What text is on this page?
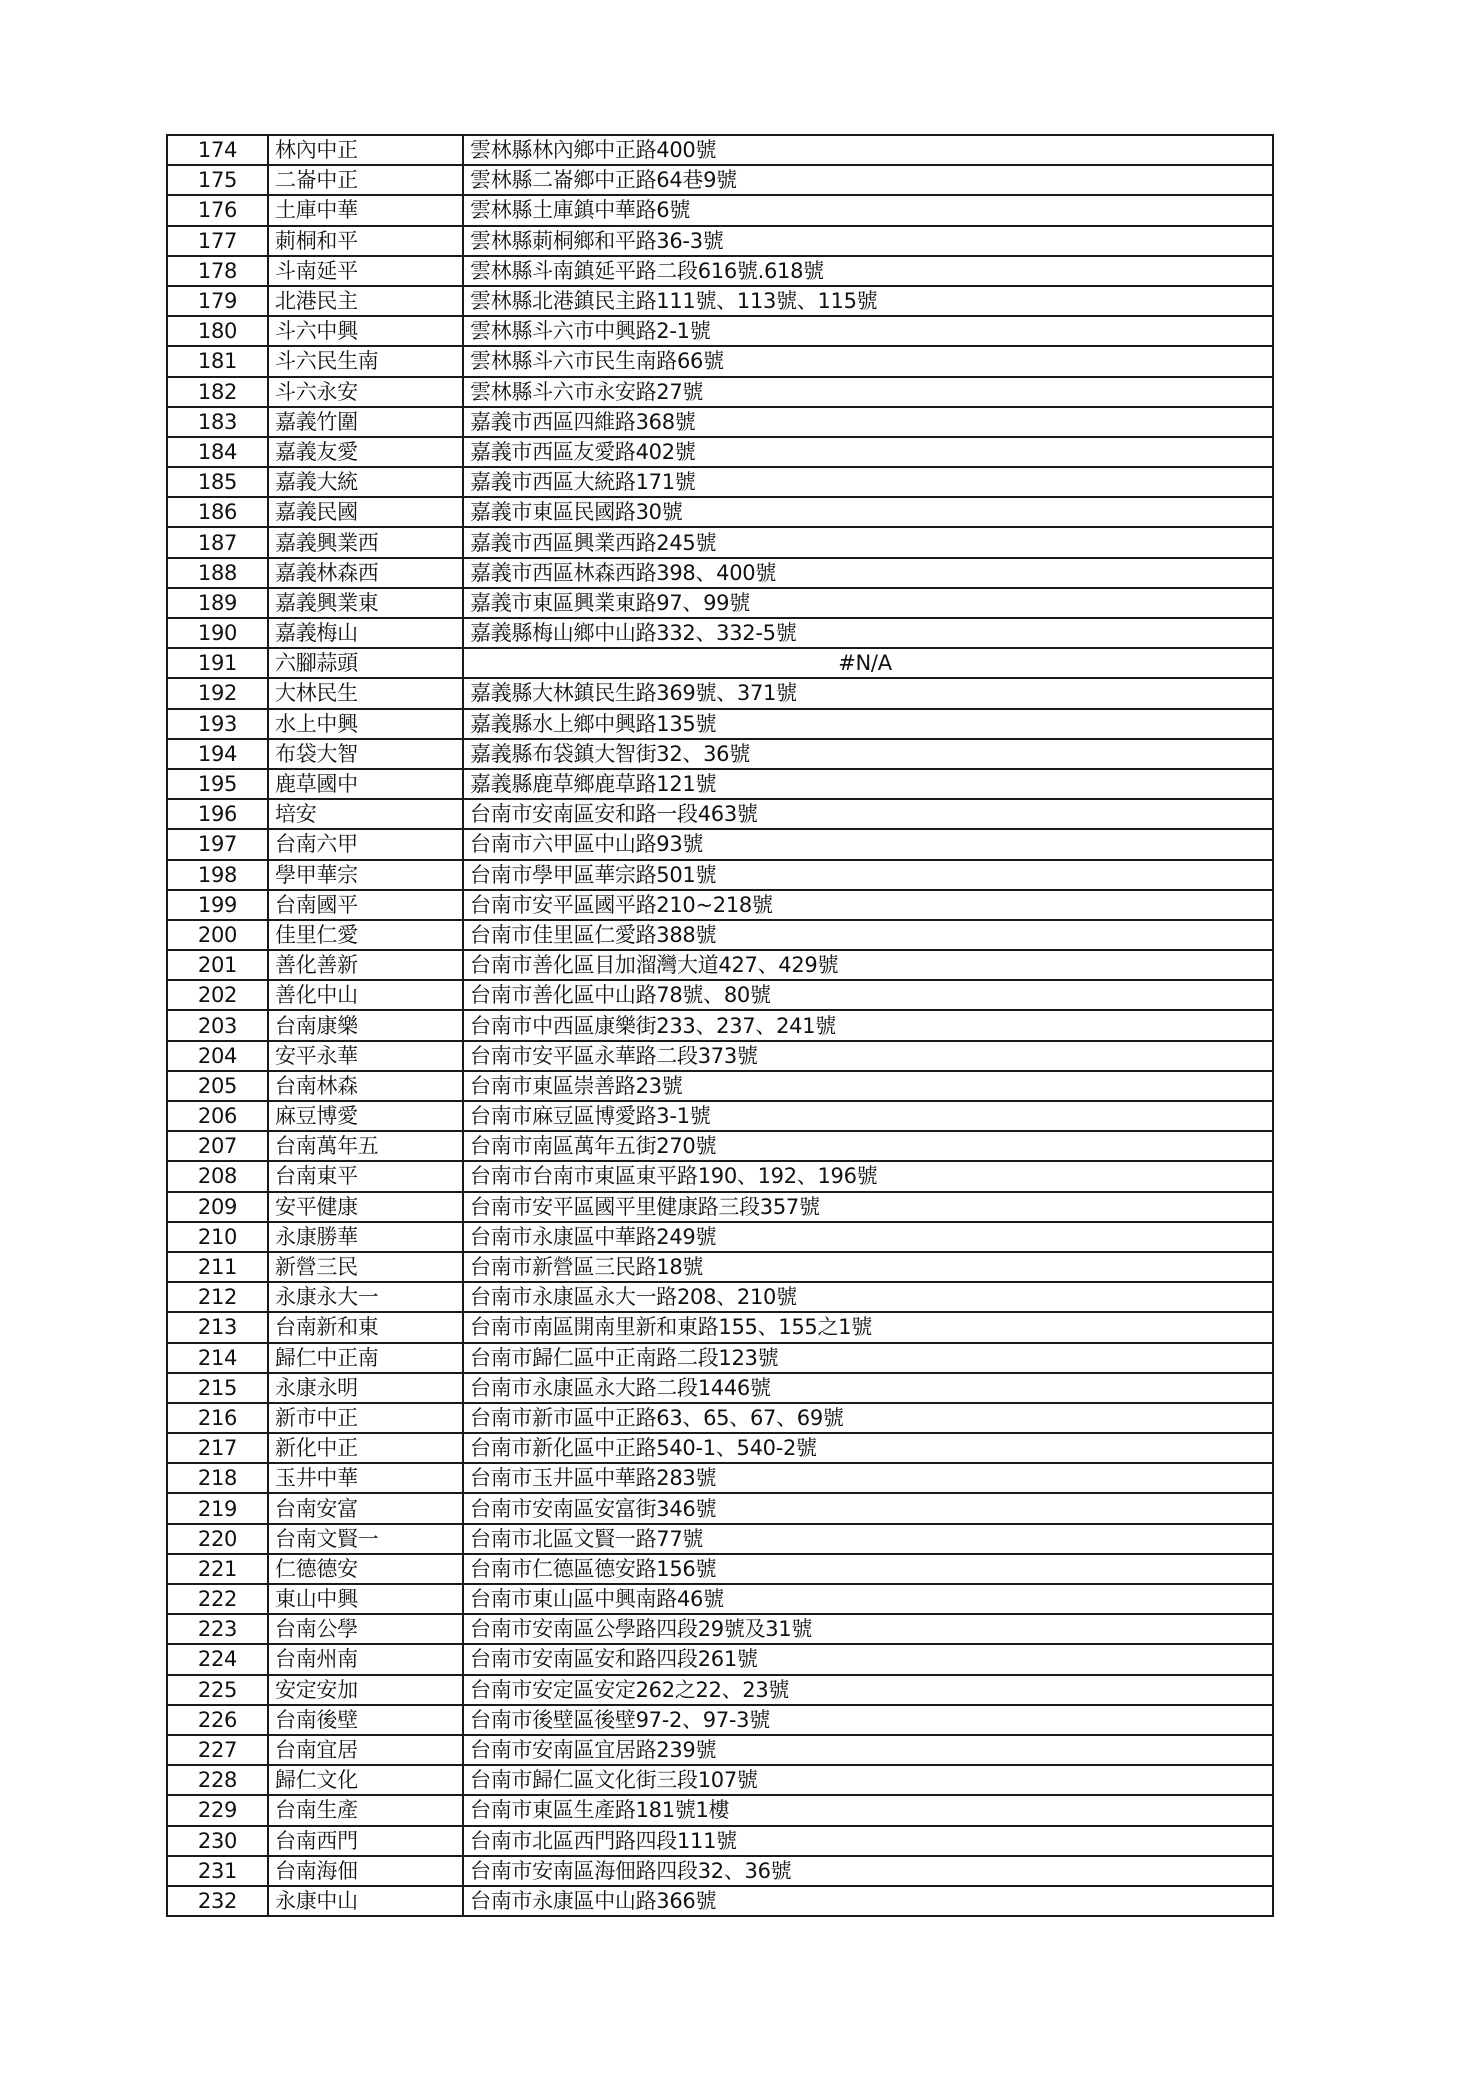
174	林內中正	雲林縣林內鄉中正路400號
175	二崙中正	雲林縣二崙鄉中正路64巷9號
176	土庫中華	雲林縣土庫鎮中華路6號
177	莿桐和平	雲林縣莿桐鄉和平路36-3號
178	斗南延平	雲林縣斗南鎮延平路二段616號.618號
179	北港民主	雲林縣北港鎮民主路111號、113號、115號
180	斗六中興	雲林縣斗六市中興路2-1號
181	斗六民生南	雲林縣斗六市民生南路66號
182	斗六永安	雲林縣斗六市永安路27號
183	嘉義竹圍	嘉義市西區四維路368號
184	嘉義友愛	嘉義市西區友愛路402號
185	嘉義大統	嘉義市西區大統路171號
186	嘉義民國	嘉義市東區民國路30號
187	嘉義興業西	嘉義市西區興業西路245號
188	嘉義林森西	嘉義市西區林森西路398、400號
189	嘉義興業東	嘉義市東區興業東路97、99號
190	嘉義梅山	嘉義縣梅山鄉中山路332、332-5號
191	六腳蒜頭	#N/A
192	大林民生	嘉義縣大林鎮民生路369號、371號
193	水上中興	嘉義縣水上鄉中興路135號
194	布袋大智	嘉義縣布袋鎮大智街32、36號
195	鹿草國中	嘉義縣鹿草鄉鹿草路121號
196	培安	台南市安南區安和路一段463號
197	台南六甲	台南市六甲區中山路93號
198	學甲華宗	台南市學甲區華宗路501號
199	台南國平	台南市安平區國平路210~218號
200	佳里仁愛	台南市佳里區仁愛路388號
201	善化善新	台南市善化區目加溜灣大道427、429號
202	善化中山	台南市善化區中山路78號、80號
203	台南康樂	台南市中西區康樂街233、237、241號
204	安平永華	台南市安平區永華路二段373號
205	台南林森	台南市東區崇善路23號
206	麻豆博愛	台南市麻豆區博愛路3-1號
207	台南萬年五	台南市南區萬年五街270號
208	台南東平	台南市台南市東區東平路190、192、196號
209	安平健康	台南市安平區國平里健康路三段357號
210	永康勝華	台南市永康區中華路249號
211	新營三民	台南市新營區三民路18號
212	永康永大一	台南市永康區永大一路208、210號
213	台南新和東	台南市南區開南里新和東路155、155之1號
214	歸仁中正南	台南市歸仁區中正南路二段123號
215	永康永明	台南市永康區永大路二段1446號
216	新市中正	台南市新市區中正路63、65、67、69號
217	新化中正	台南市新化區中正路540-1、540-2號
218	玉井中華	台南市玉井區中華路283號
219	台南安富	台南市安南區安富街346號
220	台南文賢一	台南市北區文賢一路77號
221	仁德德安	台南市仁德區德安路156號
222	東山中興	台南市東山區中興南路46號
223	台南公學	台南市安南區公學路四段29號及31號
224	台南州南	台南市安南區安和路四段261號
225	安定安加	台南市安定區安定262之22、23號
226	台南後壁	台南市後壁區後壁97-2、97-3號
227	台南宜居	台南市安南區宜居路239號
228	歸仁文化	台南市歸仁區文化街三段107號
229	台南生產	台南市東區生產路181號1樓
230	台南西門	台南市北區西門路四段111號
231	台南海佃	台南市安南區海佃路四段32、36號
232	永康中山	台南市永康區中山路366號
